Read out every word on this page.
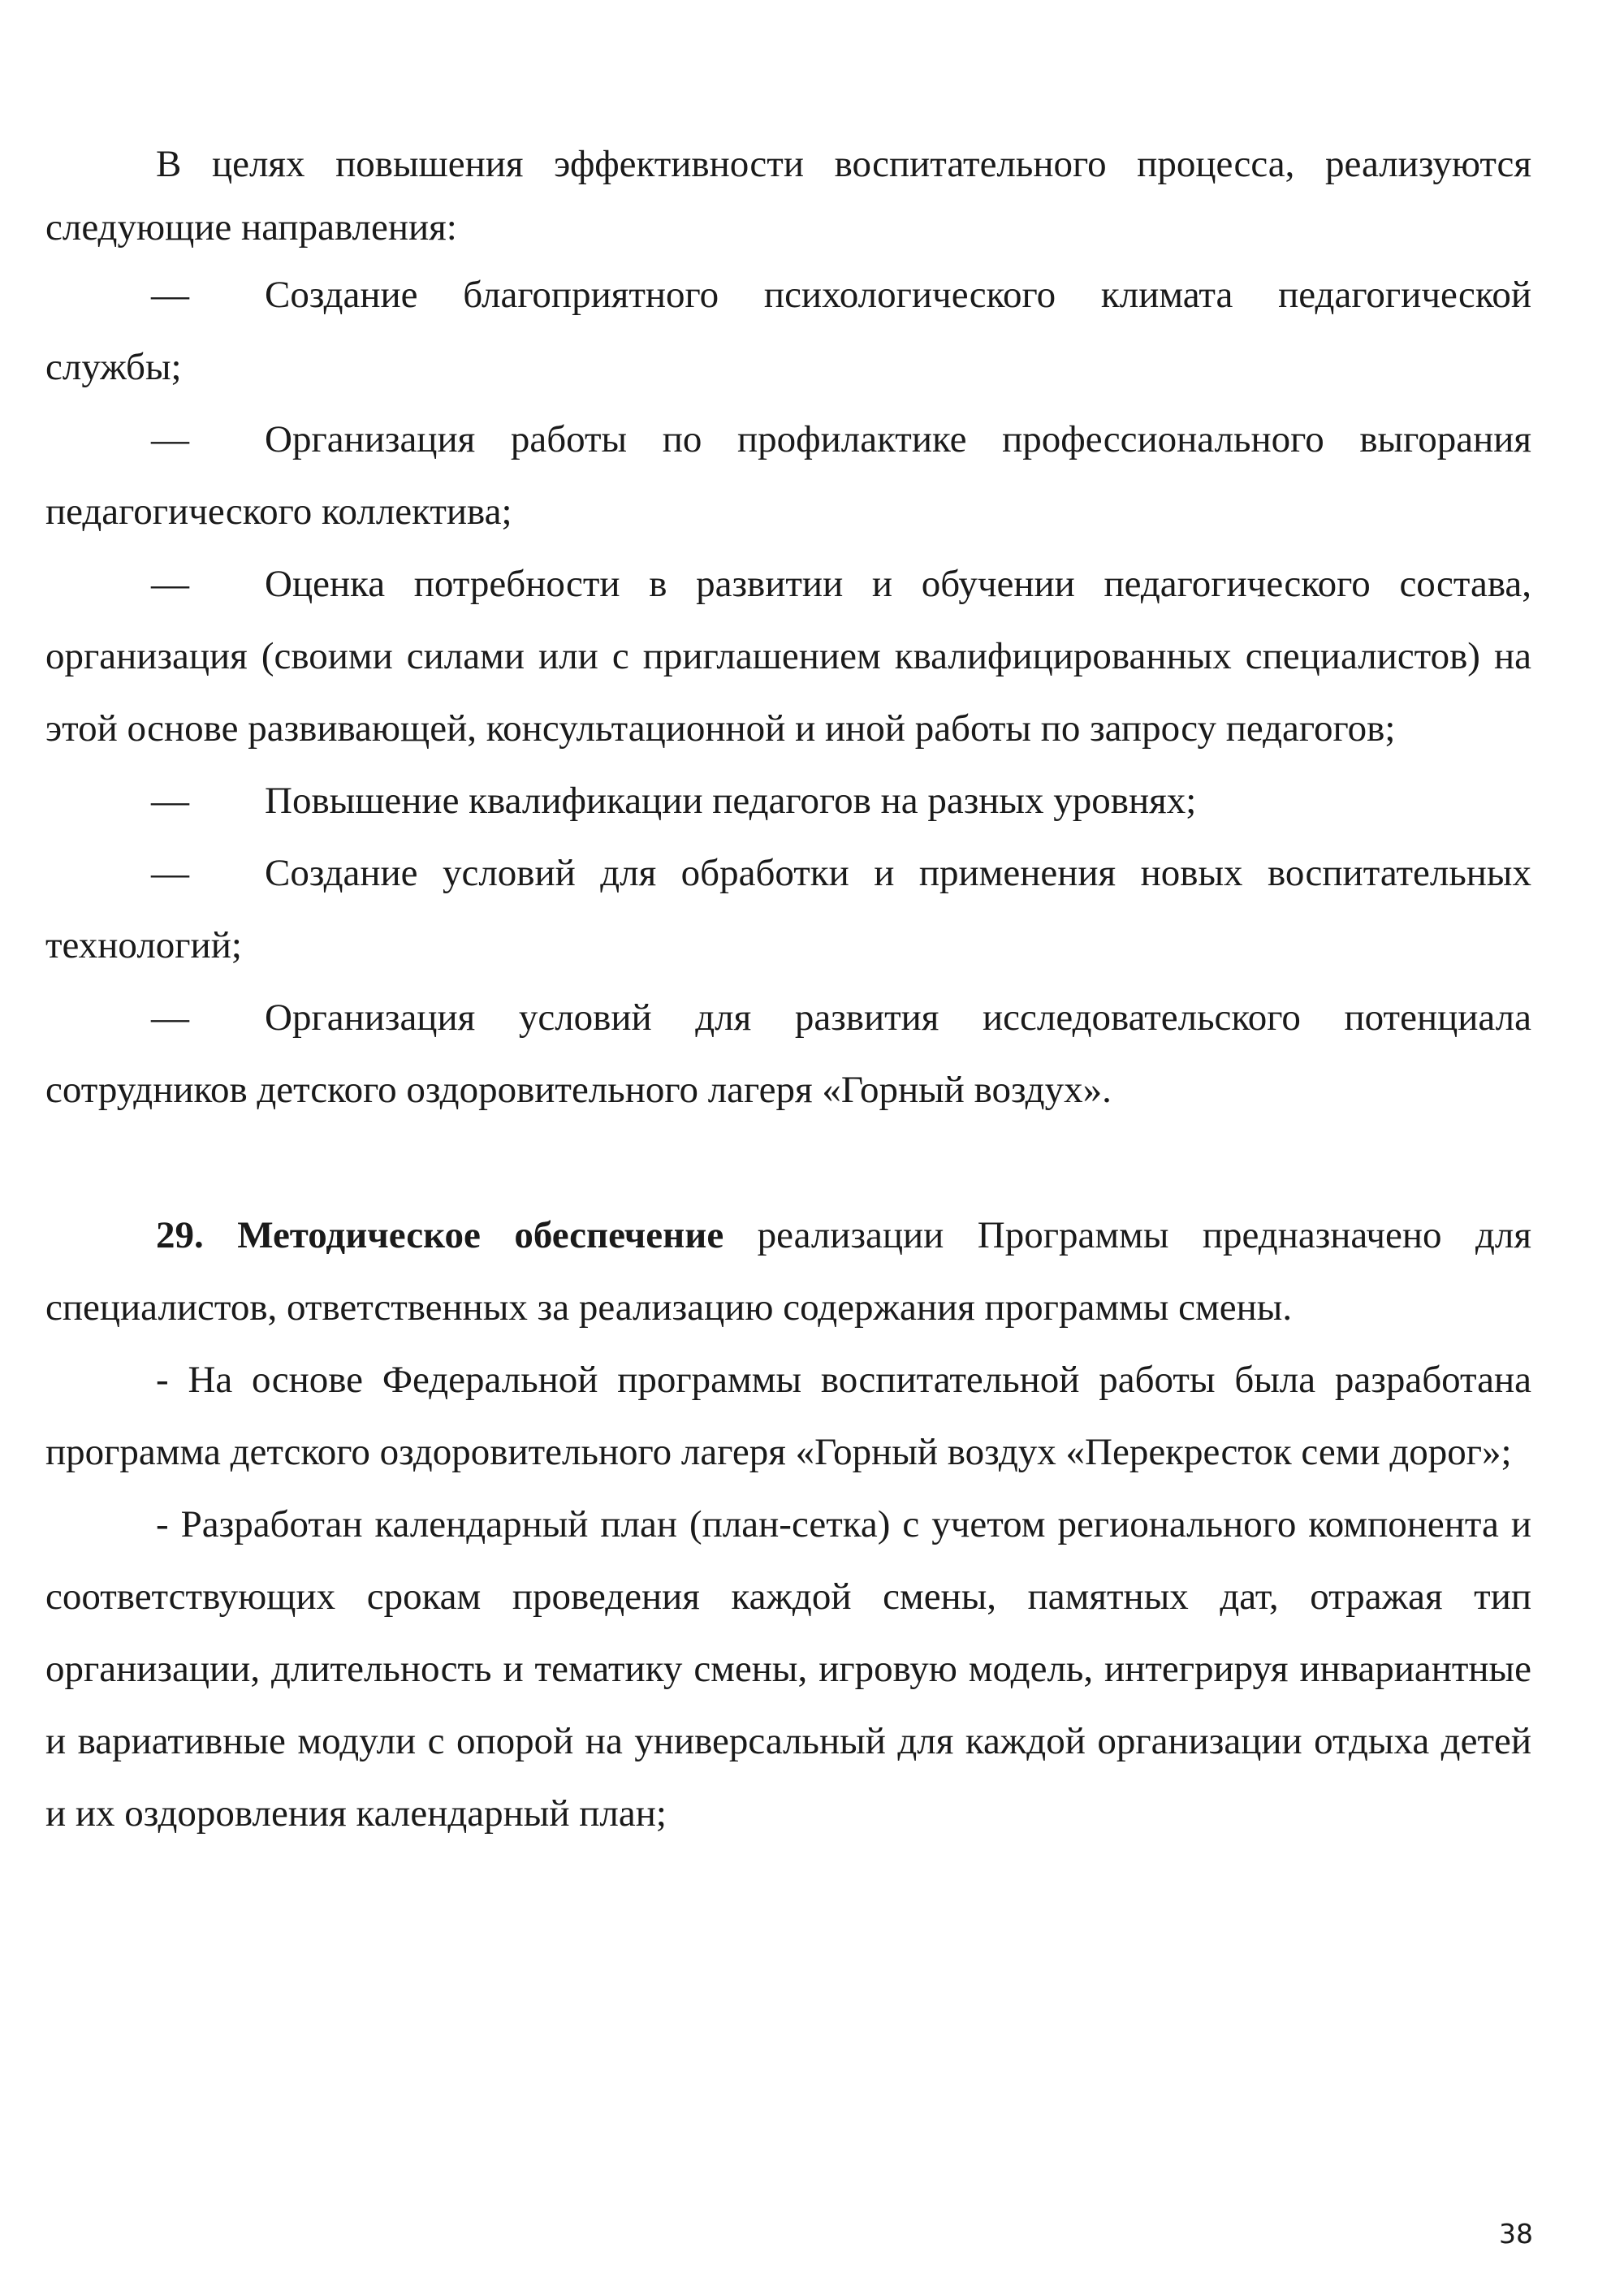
В целях повышения эффективности воспитательного процесса, реализуются следующие направления:

— Создание благоприятного психологического климата педагогической службы;

— Организация работы по профилактике профессионального выгорания педагогического коллектива;

— Оценка потребности в развитии и обучении педагогического состава, организация (своими силами или с приглашением квалифицированных специалистов) на этой основе развивающей, консультационной и иной работы по запросу педагогов;

— Повышение квалификации педагогов на разных уровнях;

— Создание условий для обработки и применения новых воспитательных технологий;

— Организация условий для развития исследовательского потенциала сотрудников детского оздоровительного лагеря «Горный воздух».

29. Методическое обеспечение реализации Программы предназначено для специалистов, ответственных за реализацию содержания программы смены.

- На основе Федеральной программы воспитательной работы была разработана программа детского оздоровительного лагеря «Горный воздух «Перекресток семи дорог»;

- Разработан календарный план (план-сетка) с учетом регионального компонента и соответствующих срокам проведения каждой смены, памятных дат, отражая тип организации, длительность и тематику смены, игровую модель, интегрируя инвариантные и вариативные модули с опорой на универсальный для каждой организации отдыха детей и их оздоровления календарный план;

38
